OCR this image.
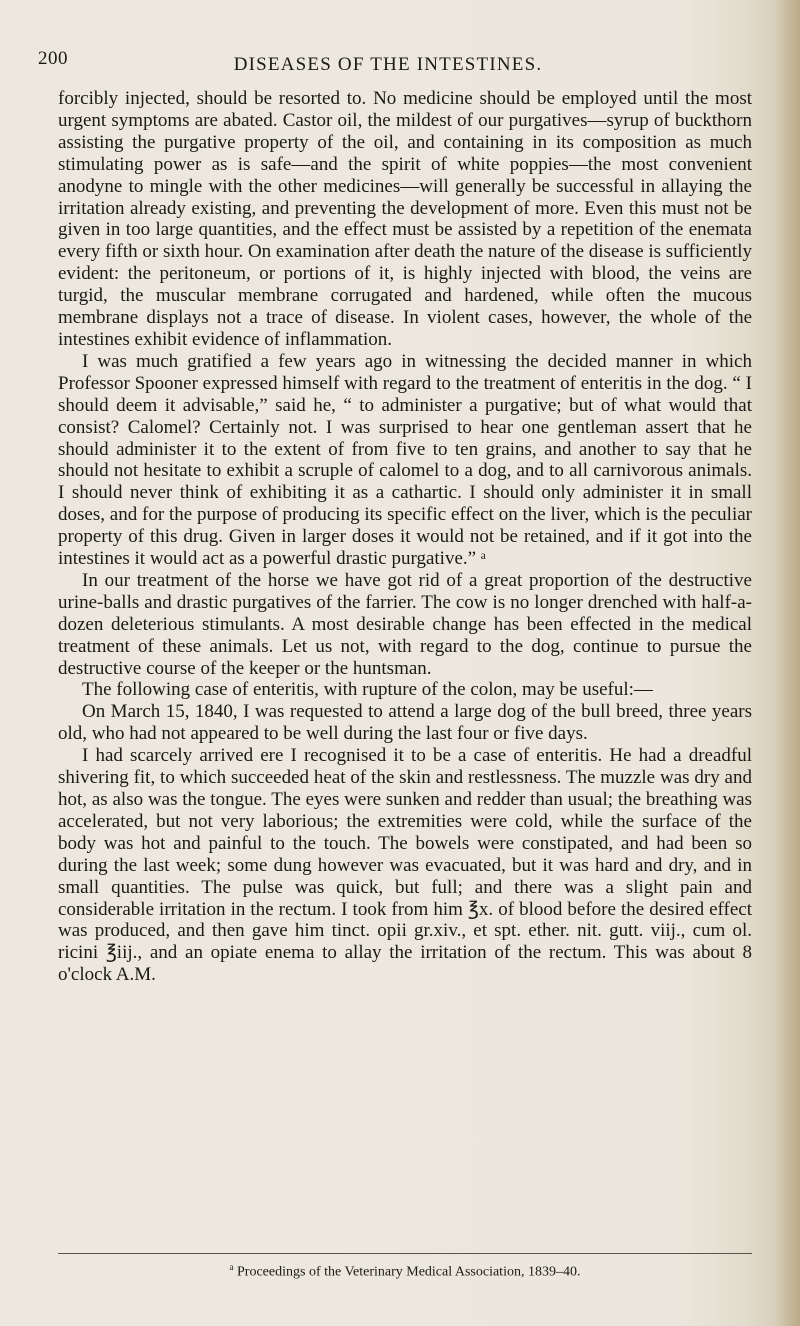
200	DISEASES OF THE INTESTINES.

forcibly injected, should be resorted to. No medicine should be employed until the most urgent symptoms are abated. Castor oil, the mildest of our purgatives—syrup of buckthorn assisting the purgative property of the oil, and containing in its composition as much stimulating power as is safe—and the spirit of white poppies—the most convenient anodyne to mingle with the other medicines—will generally be successful in allaying the irritation already existing, and preventing the development of more. Even this must not be given in too large quantities, and the effect must be assisted by a repetition of the enemata every fifth or sixth hour. On examination after death the nature of the disease is sufficiently evident: the peritoneum, or portions of it, is highly injected with blood, the veins are turgid, the muscular membrane corrugated and hardened, while often the mucous membrane displays not a trace of disease. In violent cases, however, the whole of the intestines exhibit evidence of inflammation.

I was much gratified a few years ago in witnessing the decided manner in which Professor Spooner expressed himself with regard to the treatment of enteritis in the dog. “ I should deem it advisable,” said he, “ to administer a purgative; but of what would that consist? Calomel? Certainly not. I was surprised to hear one gentleman assert that he should administer it to the extent of from five to ten grains, and another to say that he should not hesitate to exhibit a scruple of calomel to a dog, and to all carnivorous animals. I should never think of exhibiting it as a cathartic. I should only administer it in small doses, and for the purpose of producing its specific effect on the liver, which is the peculiar property of this drug. Given in larger doses it would not be retained, and if it got into the intestines it would act as a powerful drastic purgative.” ᵃ

In our treatment of the horse we have got rid of a great proportion of the destructive urine-balls and drastic purgatives of the farrier. The cow is no longer drenched with half-a-dozen deleterious stimulants. A most desirable change has been effected in the medical treatment of these animals. Let us not, with regard to the dog, continue to pursue the destructive course of the keeper or the huntsman.

The following case of enteritis, with rupture of the colon, may be useful:—

On March 15, 1840, I was requested to attend a large dog of the bull breed, three years old, who had not appeared to be well during the last four or five days.

I had scarcely arrived ere I recognised it to be a case of enteritis. He had a dreadful shivering fit, to which succeeded heat of the skin and restlessness. The muzzle was dry and hot, as also was the tongue. The eyes were sunken and redder than usual; the breathing was accelerated, but not very laborious; the extremities were cold, while the surface of the body was hot and painful to the touch. The bowels were constipated, and had been so during the last week; some dung however was evacuated, but it was hard and dry, and in small quantities. The pulse was quick, but full; and there was a slight pain and considerable irritation in the rectum. I took from him ℥x. of blood before the desired effect was produced, and then gave him tinct. opii gr.xiv., et spt. ether. nit. gutt. viij., cum ol. ricini ℥iij., and an opiate enema to allay the irritation of the rectum. This was about 8 o'clock A.M.

$^a$ Proceedings of the Veterinary Medical Association, 1839–40.
